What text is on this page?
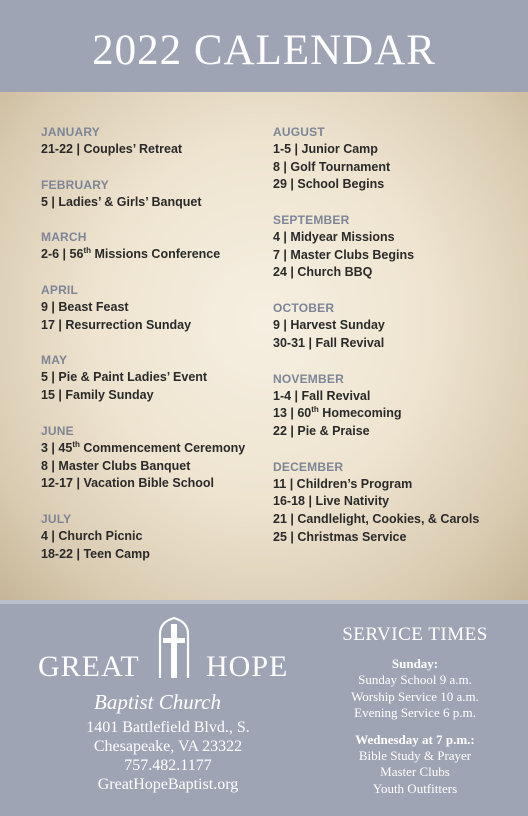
2022 CALENDAR
JANUARY
21-22 | Couples’ Retreat
FEBRUARY
5 | Ladies’ & Girls’ Banquet
MARCH
2-6 | 56th Missions Conference
APRIL
9 | Beast Feast
17 | Resurrection Sunday
MAY
5 | Pie & Paint Ladies’ Event
15 | Family Sunday
JUNE
3 | 45th Commencement Ceremony
8 | Master Clubs Banquet
12-17 | Vacation Bible School
JULY
4 | Church Picnic
18-22 | Teen Camp
AUGUST
1-5 | Junior Camp
8 | Golf Tournament
29 | School Begins
SEPTEMBER
4 | Midyear Missions
7 | Master Clubs Begins
24 | Church BBQ
OCTOBER
9 | Harvest Sunday
30-31 | Fall Revival
NOVEMBER
1-4 | Fall Revival
13 | 60th Homecoming
22 | Pie & Praise
DECEMBER
11 | Children’s Program
16-18 | Live Nativity
21 | Candlelight, Cookies, & Carols
25 | Christmas Service
GREAT HOPE
Baptist Church
1401 Battlefield Blvd., S.
Chesapeake, VA 23322
757.482.1177
GreatHopeBaptist.org
SERVICE TIMES
Sunday:
Sunday School 9 a.m.
Worship Service 10 a.m.
Evening Service 6 p.m.
Wednesday at 7 p.m.:
Bible Study & Prayer
Master Clubs
Youth Outfitters
